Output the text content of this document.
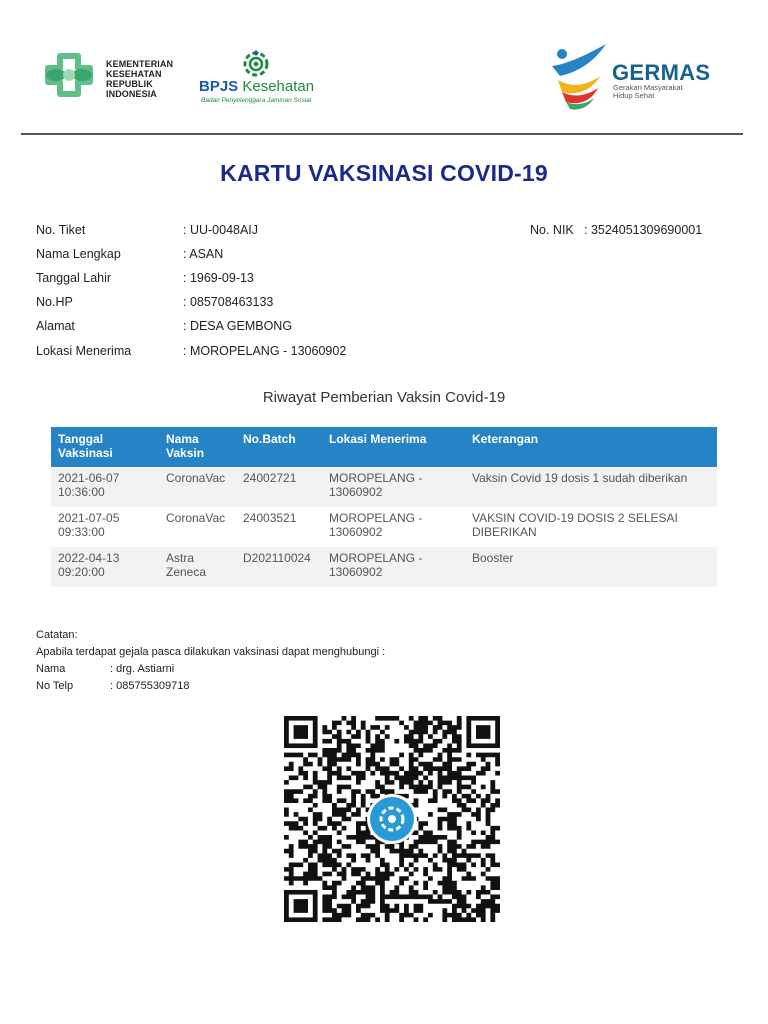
KEMENTERIAN
KESEHATAN
REPUBLIK
INDONESIA	BPJS Kesehatan
Badan Penyelenggara Jaminan Sosial
GERMAS
Gerakan Masyarakat
Hidup Sehat
KARTU VAKSINASI COVID-19
No. Tiket	: UU-0048AIJ
Nama Lengkap	: ASAN
Tanggal Lahir	: 1969-09-13
No.HP	: 085708463133
Alamat	: DESA GEMBONG
Lokasi Menerima	: MOROPELANG - 13060902
No. NIK : 3524051309690001
Riwayat Pemberian Vaksin Covid-19
Tanggal Vaksinasi	Nama Vaksin	No.Batch	Lokasi Menerima	Keterangan
2021-06-07 10:36:00	CoronaVac	24002721	MOROPELANG - 13060902	Vaksin Covid 19 dosis 1 sudah diberikan
2021-07-05 09:33:00	CoronaVac	24003521	MOROPELANG - 13060902	VAKSIN COVID-19 DOSIS 2 SELESAI DIBERIKAN
2022-04-13 09:20:00	Astra Zeneca	D202110024	MOROPELANG - 13060902	Booster
Catatan:
Apabila terdapat gejala pasca dilakukan vaksinasi dapat menghubungi :
Nama	: drg. Astiarni
No Telp	: 085755309718
